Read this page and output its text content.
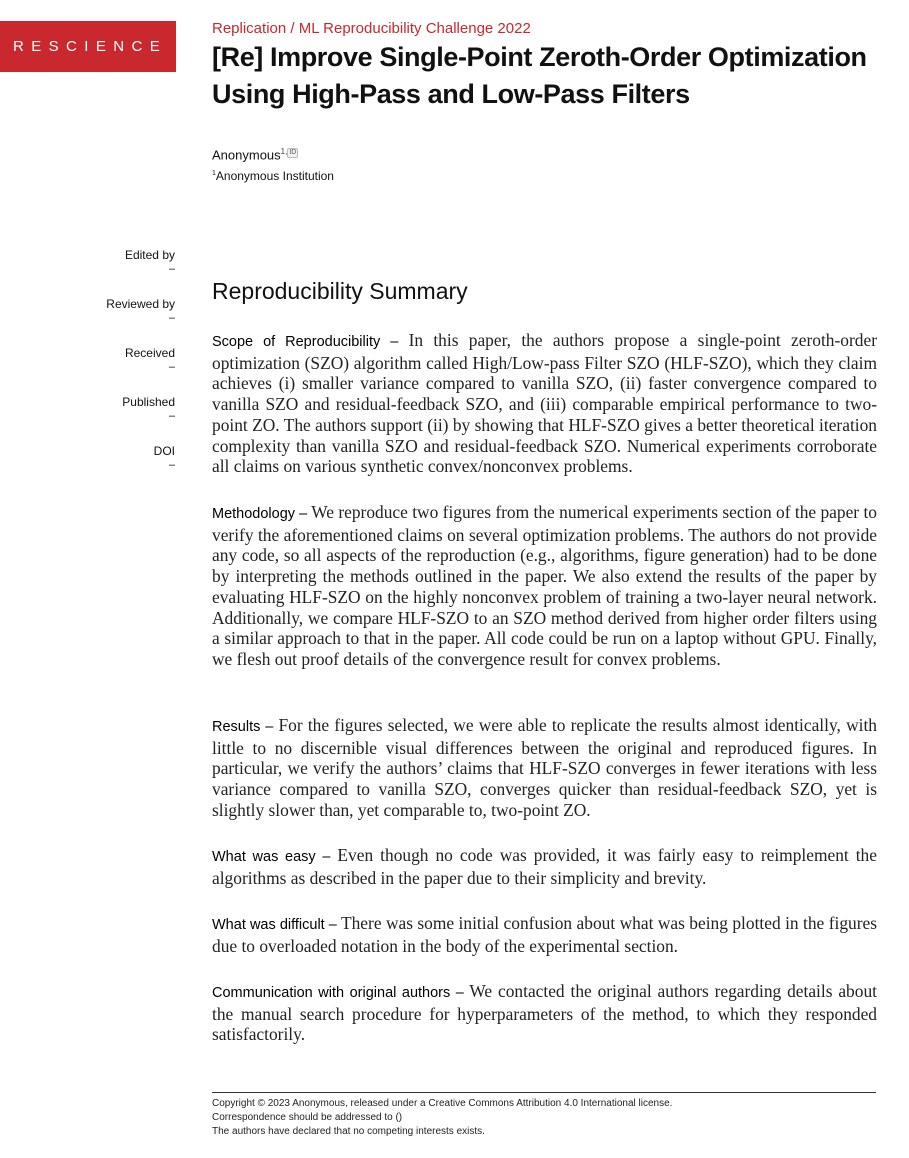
RESCIENCE C
Replication / ML Reproducibility Challenge 2022
[Re] Improve Single-Point Zeroth-Order Optimization Using High-Pass and Low-Pass Filters
Anonymous$^{1,}$ ID
$^1$Anonymous Institution
Edited by
–
Reviewed by
–
Received
–
Published
–
DOI
–
Reproducibility Summary

Scope of Reproducibility – In this paper, the authors propose a single-point zeroth-order optimization (SZO) algorithm called High/Low-pass Filter SZO (HLF-SZO), which they claim achieves (i) smaller variance compared to vanilla SZO, (ii) faster convergence compared to vanilla SZO and residual-feedback SZO, and (iii) comparable empirical performance to two-point ZO. The authors support (ii) by showing that HLF-SZO gives a better theoretical iteration complexity than vanilla SZO and residual-feedback SZO. Numerical experiments corroborate all claims on various synthetic convex/nonconvex problems.

Methodology – We reproduce two figures from the numerical experiments section of the paper to verify the aforementioned claims on several optimization problems. The authors do not provide any code, so all aspects of the reproduction (e.g., algorithms, figure generation) had to be done by interpreting the methods outlined in the paper. We also extend the results of the paper by evaluating HLF-SZO on the highly nonconvex problem of training a two-layer neural network. Additionally, we compare HLF-SZO to an SZO method derived from higher order filters using a similar approach to that in the paper. All code could be run on a laptop without GPU. Finally, we flesh out proof details of the convergence result for convex problems.

Results – For the figures selected, we were able to replicate the results almost identically, with little to no discernible visual differences between the original and reproduced figures. In particular, we verify the authors’ claims that HLF-SZO converges in fewer iterations with less variance compared to vanilla SZO, converges quicker than residual-feedback SZO, yet is slightly slower than, yet comparable to, two-point ZO.

What was easy – Even though no code was provided, it was fairly easy to reimplement the algorithms as described in the paper due to their simplicity and brevity.

What was difficult – There was some initial confusion about what was being plotted in the figures due to overloaded notation in the body of the experimental section.

Communication with original authors – We contacted the original authors regarding details about the manual search procedure for hyperparameters of the method, to which they responded satisfactorily.

Copyright © 2023 Anonymous, released under a Creative Commons Attribution 4.0 International license.
Correspondence should be addressed to ()
The authors have declared that no competing interests exists.
